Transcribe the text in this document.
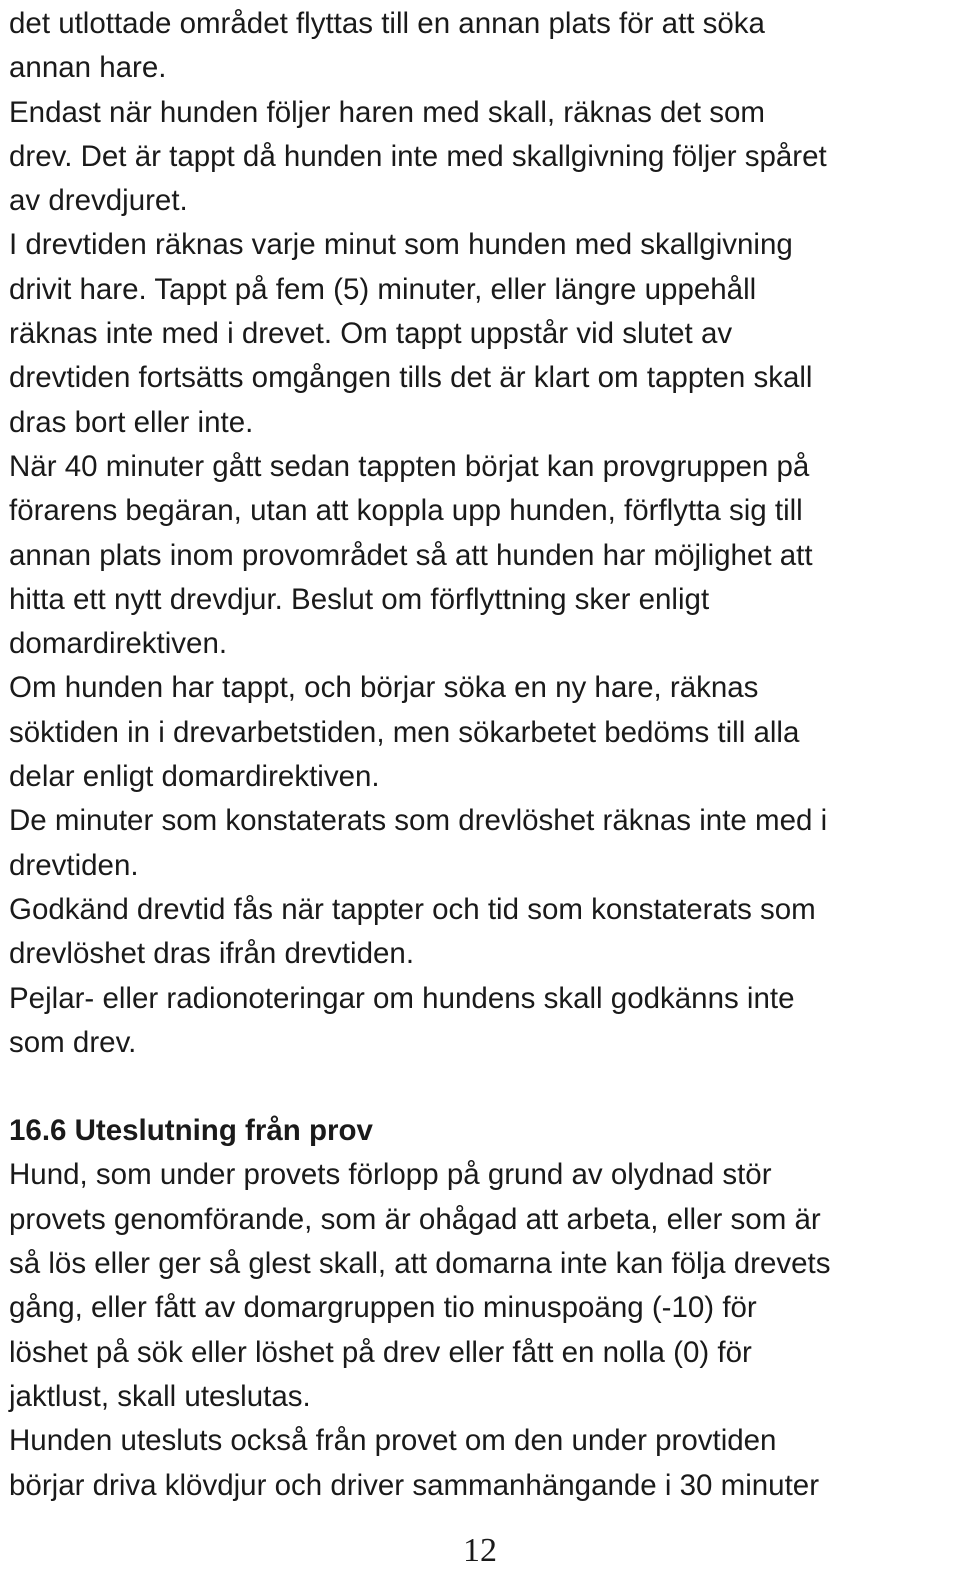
det utlottade området flyttas till en annan plats för att söka
annan hare.

Endast när hunden följer haren med skall, räknas det som
drev. Det är tappt då hunden inte med skallgivning följer spåret
av drevdjuret.

I drevtiden räknas varje minut som hunden med skallgivning
drivit hare. Tappt på fem (5) minuter, eller längre uppehåll
räknas inte med i drevet. Om tappt uppstår vid slutet av
drevtiden fortsätts omgången tills det är klart om tappten skall
dras bort eller inte.

När 40 minuter gått sedan tappten börjat kan provgruppen på
förarens begäran, utan att koppla upp hunden, förflytta sig till
annan plats inom provområdet så att hunden har möjlighet att
hitta ett nytt drevdjur. Beslut om förflyttning sker enligt
domardirektiven.

Om hunden har tappt, och börjar söka en ny hare, räknas
söktiden in i drevarbetstiden, men sökarbetet bedöms till alla
delar enligt domardirektiven.

De minuter som konstaterats som drevlöshet räknas inte med i
drevtiden.

Godkänd drevtid fås när tappter och tid som konstaterats som
drevlöshet dras ifrån drevtiden.

Pejlar- eller radionoteringar om hundens skall godkänns inte
som drev.

16.6 Uteslutning från prov

Hund, som under provets förlopp på grund av olydnad stör
provets genomförande, som är ohågad att arbeta, eller som är
så lös eller ger så glest skall, att domarna inte kan följa drevets
gång, eller fått av domargruppen tio minuspoäng (-10) för
löshet på sök eller löshet på drev eller fått en nolla (0) för
jaktlust, skall uteslutas.

Hunden utesluts också från provet om den under provtiden
börjar driva klövdjur och driver sammanhängande i 30 minuter

12
